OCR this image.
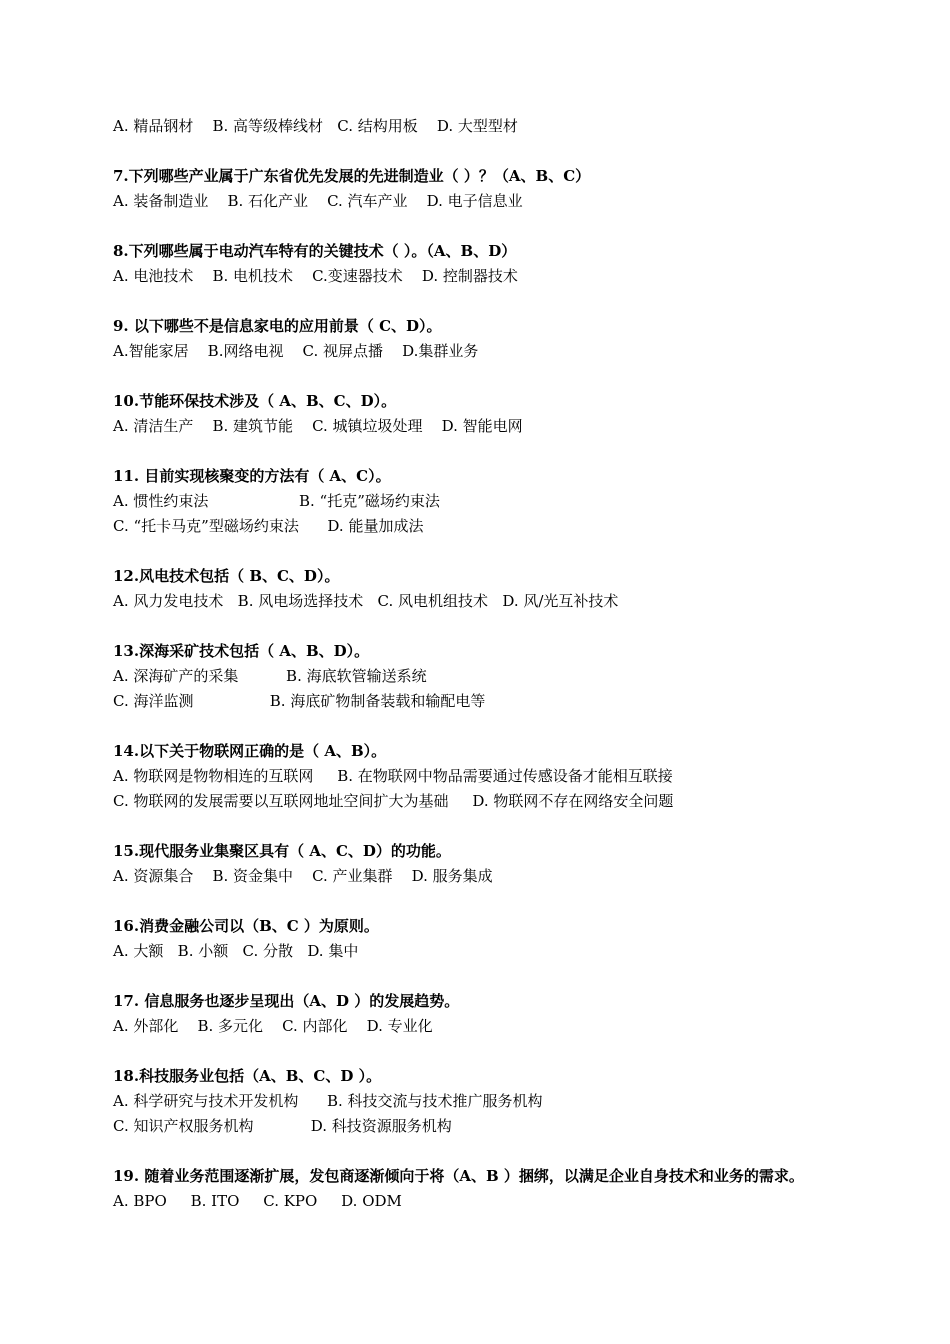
A. 精品钢材    B. 高等级棒线材   C. 结构用板    D. 大型型材
7.下列哪些产业属于广东省优先发展的先进制造业（ ）？（A、B、C）
A. 装备制造业    B. 石化产业    C. 汽车产业    D. 电子信息业
8.下列哪些属于电动汽车特有的关键技术（ ）。（A、B、D）
A. 电池技术    B. 电机技术    C.变速器技术    D. 控制器技术
9. 以下哪些不是信息家电的应用前景（ C、D）。
A.智能家居    B.网络电视    C. 视屏点播    D.集群业务
10.节能环保技术涉及（ A、B、C、D）。
A. 清洁生产    B. 建筑节能    C. 城镇垃圾处理    D. 智能电网
11. 目前实现核聚变的方法有（ A、C）。
A. 惯性约束法                   B. “托克”磁场约束法
C. “托卡马克”型磁场约束法      D. 能量加成法
12.风电技术包括（ B、C、D）。
A. 风力发电技术   B. 风电场选择技术   C. 风电机组技术   D. 风/光互补技术
13.深海采矿技术包括（ A、B、D）。
A. 深海矿产的采集          B. 海底软管输送系统
C. 海洋监测                B. 海底矿物制备装载和输配电等
14.以下关于物联网正确的是（ A、B）。
A. 物联网是物物相连的互联网     B. 在物联网中物品需要通过传感设备才能相互联接
C. 物联网的发展需要以互联网地址空间扩大为基础     D. 物联网不存在网络安全问题
15.现代服务业集聚区具有（ A、C、D）的功能。
A. 资源集合    B. 资金集中    C. 产业集群    D. 服务集成
16.消费金融公司以（B、C ）为原则。
A. 大额   B. 小额   C. 分散   D. 集中
17. 信息服务也逐步呈现出（A、D ）的发展趋势。
A. 外部化    B. 多元化    C. 内部化    D. 专业化
18.科技服务业包括（A、B、C、D ）。
A. 科学研究与技术开发机构      B. 科技交流与技术推广服务机构
C. 知识产权服务机构            D. 科技资源服务机构
19. 随着业务范围逐渐扩展，发包商逐渐倾向于将（A、B ）捆绑，以满足企业自身技术和业务的需求。
A. BPO     B. ITO     C. KPO     D. ODM
